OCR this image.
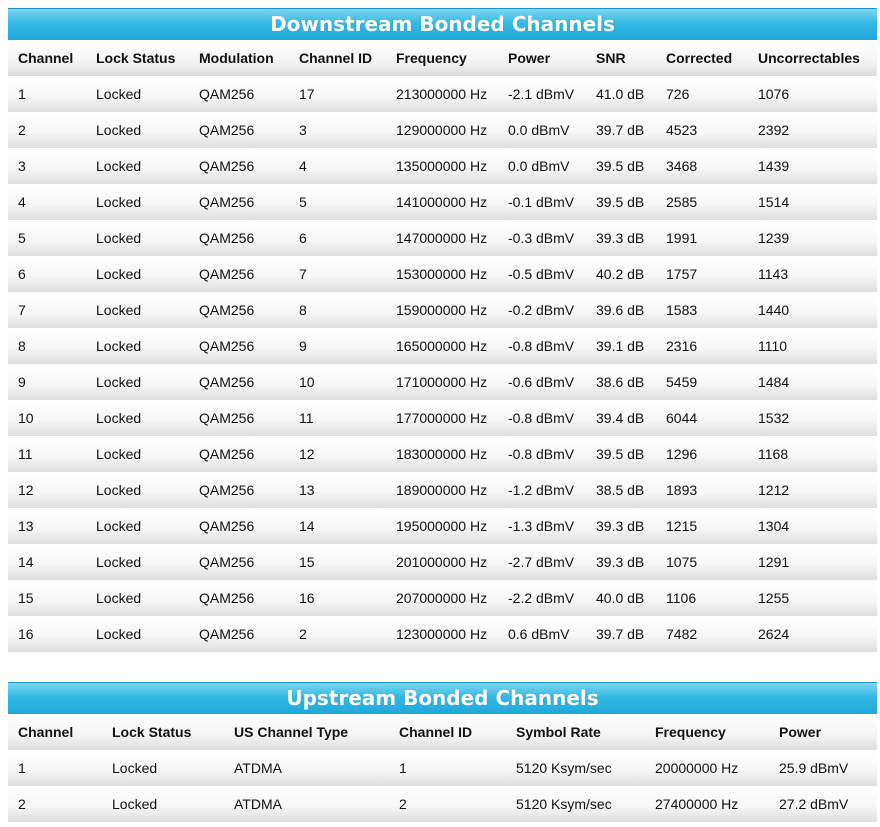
Downstream Bonded Channels
Channel	Lock Status	Modulation	Channel ID	Frequency	Power	SNR	Corrected	Uncorrectables
1	Locked	QAM256	17	213000000 Hz	-2.1 dBmV	41.0 dB	726	1076
2	Locked	QAM256	3	129000000 Hz	0.0 dBmV	39.7 dB	4523	2392
3	Locked	QAM256	4	135000000 Hz	0.0 dBmV	39.5 dB	3468	1439
4	Locked	QAM256	5	141000000 Hz	-0.1 dBmV	39.5 dB	2585	1514
5	Locked	QAM256	6	147000000 Hz	-0.3 dBmV	39.3 dB	1991	1239
6	Locked	QAM256	7	153000000 Hz	-0.5 dBmV	40.2 dB	1757	1143
7	Locked	QAM256	8	159000000 Hz	-0.2 dBmV	39.6 dB	1583	1440
8	Locked	QAM256	9	165000000 Hz	-0.8 dBmV	39.1 dB	2316	1110
9	Locked	QAM256	10	171000000 Hz	-0.6 dBmV	38.6 dB	5459	1484
10	Locked	QAM256	11	177000000 Hz	-0.8 dBmV	39.4 dB	6044	1532
11	Locked	QAM256	12	183000000 Hz	-0.8 dBmV	39.5 dB	1296	1168
12	Locked	QAM256	13	189000000 Hz	-1.2 dBmV	38.5 dB	1893	1212
13	Locked	QAM256	14	195000000 Hz	-1.3 dBmV	39.3 dB	1215	1304
14	Locked	QAM256	15	201000000 Hz	-2.7 dBmV	39.3 dB	1075	1291
15	Locked	QAM256	16	207000000 Hz	-2.2 dBmV	40.0 dB	1106	1255
16	Locked	QAM256	2	123000000 Hz	0.6 dBmV	39.7 dB	7482	2624
Upstream Bonded Channels
Channel	Lock Status	US Channel Type	Channel ID	Symbol Rate	Frequency	Power
1	Locked	ATDMA	1	5120 Ksym/sec	20000000 Hz	25.9 dBmV
2	Locked	ATDMA	2	5120 Ksym/sec	27400000 Hz	27.2 dBmV
